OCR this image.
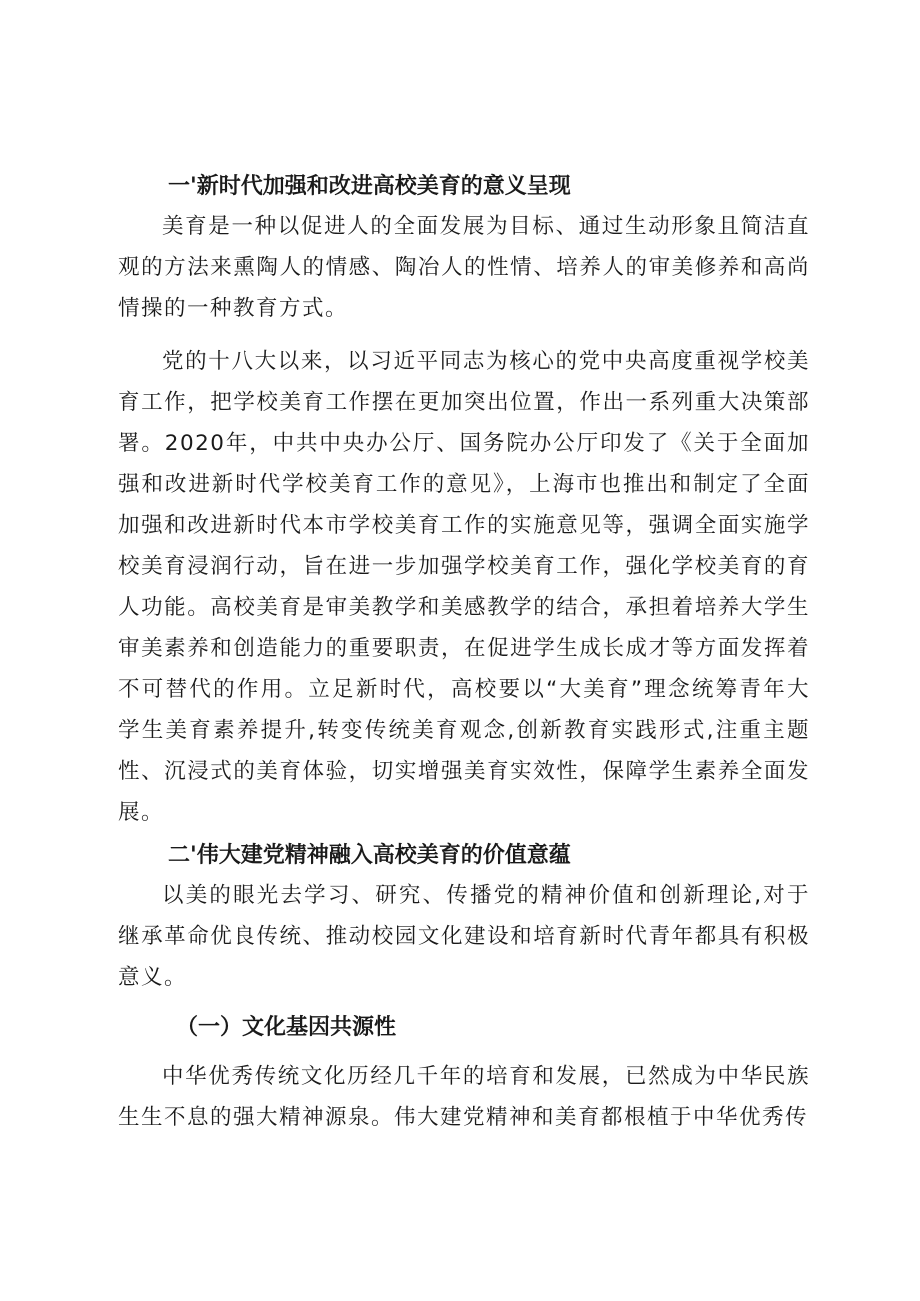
一'新时代加强和改进高校美育的意义呈现

美育是一种以促进人的全面发展为目标、通过生动形象且简洁直观的方法来熏陶人的情感、陶冶人的性情、培养人的审美修养和高尚情操的一种教育方式。

党的十八大以来，以习近平同志为核心的党中央高度重视学校美育工作，把学校美育工作摆在更加突出位置，作出一系列重大决策部署。2020年，中共中央办公厅、国务院办公厅印发了《关于全面加强和改进新时代学校美育工作的意见》，上海市也推出和制定了全面加强和改进新时代本市学校美育工作的实施意见等，强调全面实施学校美育浸润行动，旨在进一步加强学校美育工作，强化学校美育的育人功能。高校美育是审美教学和美感教学的结合，承担着培养大学生审美素养和创造能力的重要职责，在促进学生成长成才等方面发挥着不可替代的作用。立足新时代，高校要以“大美育”理念统筹青年大学生美育素养提升,转变传统美育观念,创新教育实践形式,注重主题性、沉浸式的美育体验，切实增强美育实效性，保障学生素养全面发展。

二'伟大建党精神融入高校美育的价值意蕴

以美的眼光去学习、研究、传播党的精神价值和创新理论,对于继承革命优良传统、推动校园文化建设和培育新时代青年都具有积极意义。

（一）文化基因共源性

中华优秀传统文化历经几千年的培育和发展，已然成为中华民族生生不息的强大精神源泉。伟大建党精神和美育都根植于中华优秀传
